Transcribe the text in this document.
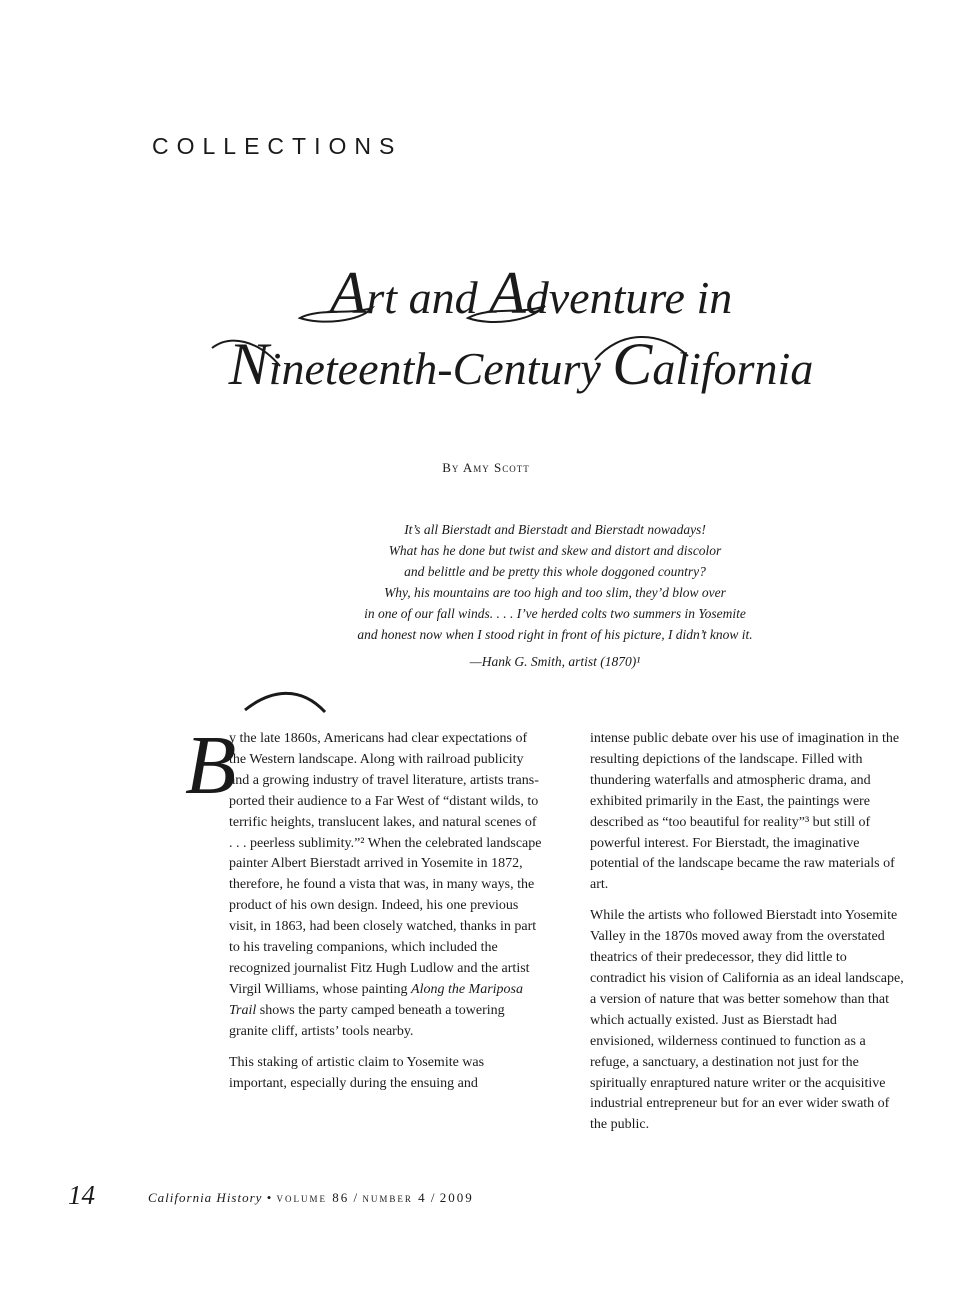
COLLECTIONS
Art and Adventure in
Nineteenth-Century California

By Amy Scott

It’s all Bierstadt and Bierstadt and Bierstadt nowadays!

What has he done but twist and skew and distort and discolor

and belittle and be pretty this whole doggoned country?

Why, his mountains are too high and too slim, they’d blow over

in one of our fall winds. . . . I’ve herded colts two summers in Yosemite

and honest now when I stood right in front of his picture, I didn’t know it.

—Hank G. Smith, artist (1870)¹

B
y the late 1860s, Americans had clear expectations of the Western landscape. Along with railroad publicity and a growing industry of travel literature, artists trans- ported their audience to a Far West of “distant wilds, to terrific heights, translucent lakes, and natural scenes of . . . peerless sublimity.”² When the celebrated landscape painter Albert Bierstadt arrived in Yosemite in 1872, therefore, he found a vista that was, in many ways, the product of his own design. Indeed, his one previous visit, in 1863, had been closely watched, thanks in part to his traveling companions, which included the recognized journalist Fitz Hugh Ludlow and the artist Virgil Williams, whose painting Along the Mariposa Trail shows the party camped beneath a towering granite cliff, artists’ tools nearby.

This staking of artistic claim to Yosemite was important, especially during the ensuing and

intense public debate over his use of imagination in the resulting depictions of the landscape. Filled with thundering waterfalls and atmospheric drama, and exhibited primarily in the East, the paintings were described as “too beautiful for reality”³ but still of powerful interest. For Bierstadt, the imaginative potential of the landscape became the raw materials of art.

While the artists who followed Bierstadt into Yosemite Valley in the 1870s moved away from the overstated theatrics of their predecessor, they did little to contradict his vision of California as an ideal landscape, a version of nature that was better somehow than that which actually existed. Just as Bierstadt had envisioned, wilderness continued to function as a refuge, a sanctuary, a destination not just for the spiritually enraptured nature writer or the acquisitive industrial entrepreneur but for an ever wider swath of the public.

14	California History • volume 86 / number 4 / 2009
